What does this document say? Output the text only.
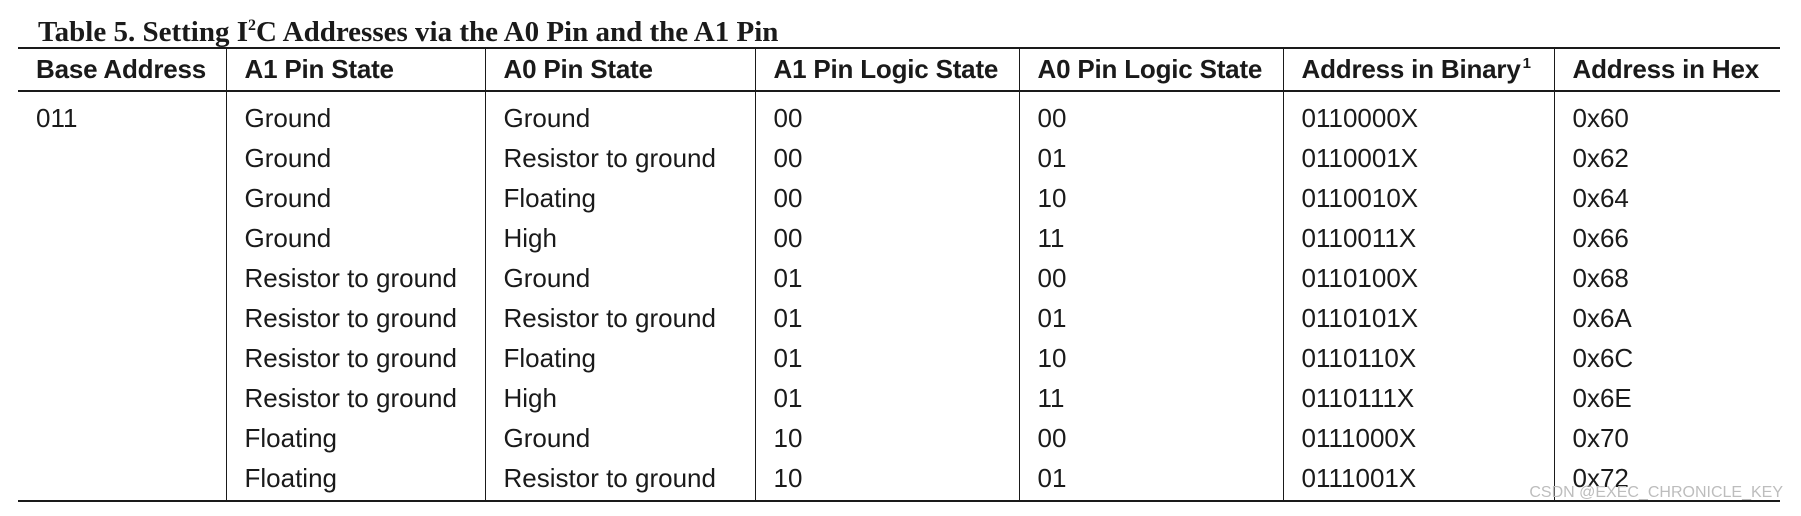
Table 5. Setting $I^2C$ Addresses via the A0 Pin and the A1 Pin
Base Address	A1 Pin State	A0 Pin State	A1 Pin Logic State	A0 Pin Logic State	Address in Binary $^1$	Address in Hex
011	Ground	Ground	00	00	0110000X	0x60
	Ground	Resistor to ground	00	01	0110001X	0x62
	Ground	Floating	00	10	0110010X	0x64
	Ground	High	00	11	0110011X	0x66
	Resistor to ground	Ground	01	00	0110100X	0x68
	Resistor to ground	Resistor to ground	01	01	0110101X	0x6A
	Resistor to ground	Floating	01	10	0110110X	0x6C
	Resistor to ground	High	01	11	0110111X	0x6E
	Floating	Ground	10	00	0111000X	0x70
	Floating	Resistor to ground	10	01	0111001X	0x72
CSDN @EXEC_CHRONICLE_KEY
